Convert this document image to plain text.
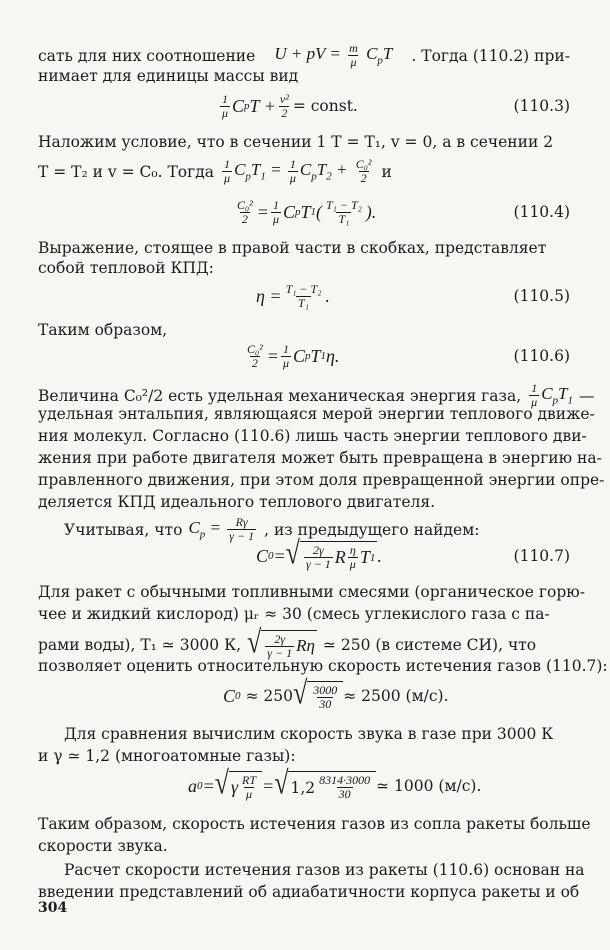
сать для них соотношение U + pV = $\frac{m}{\mu} C_pT$ . Тогда (110.2) при-
нимает для единицы массы вид
$\frac{1}{\mu}$ C p $T + \frac{\text{v²}}{2}$ = const.	(110.3)
Наложим условие, что в сечении 1 T = T₁, v = 0, а в сечении 2
T = T₂ и v = C₀. Тогда $\frac{1}{\mu} C_pT_1 = \frac{1}{\mu} C_pT_2 + \frac{\text{C₀²}}{2}$ и
$\frac{\text{C₀²}}{2} = \frac{1}{\mu}$ C p T 1 ( $\frac{\text{T₁ − T₂}}{\text{T₁}}$ ).	(110.4)
Выражение, стоящее в правой части в скобках, представляет
собой тепловой КПД:
$\eta = \frac{\text{T₁ − T₂}}{\text{T₁}}$ .	(110.5)
Таким образом,
$\frac{\text{C₀²}}{2} = \frac{1}{\mu}$ C p T 1 η.	(110.6)
Величина C₀²/2 есть удельная механическая энергия газа, $\frac{1}{\mu} C_pT_1$ —
удельная энтальпия, являющаяся мерой энергии теплового движе-
ния молекул. Согласно (110.6) лишь часть энергии теплового дви-
жения при работе двигателя может быть превращена в энергию на-
правленного движения, при этом доля превращенной энергии опре-
деляется КПД идеального теплового двигателя.
Учитывая, что $C_p = \frac{R\gamma}{\gamma - 1}$ , из предыдущего найдем:
C 0 = √ $\frac{2\gamma}{\gamma - 1}$ R $\frac{\eta}{\mu}$ T 1 .	(110.7)
Для ракет с обычными топливными смесями (органическое горю-
чее и жидкий кислород) μᵣ ≈ 30 (смесь углекислого газа с па-
рами воды), T₁ ≃ 3000 К, √ $\frac{2\gamma}{\gamma - 1}$ Rη ≃ 250 (в системе СИ), что
позволяет оценить относительную скорость истечения газов (110.7):
C 0 ≈ 250 √ $\frac{3000}{30} \approx 2500$ (м/с).
Для сравнения вычислим скорость звука в газе при 3000 К
и γ ≃ 1,2 (многоатомные газы):
a 0 = √ γ $\frac{RT}{\mu}$ = √ $1,2 \frac{8314\cdot 3000}{30}$ ≃ 1000 (м/с).
Таким образом, скорость истечения газов из сопла ракеты больше
скорости звука.
Расчет скорости истечения газов из ракеты (110.6) основан на
введении представлений об адиабатичности корпуса ракеты и об
304
